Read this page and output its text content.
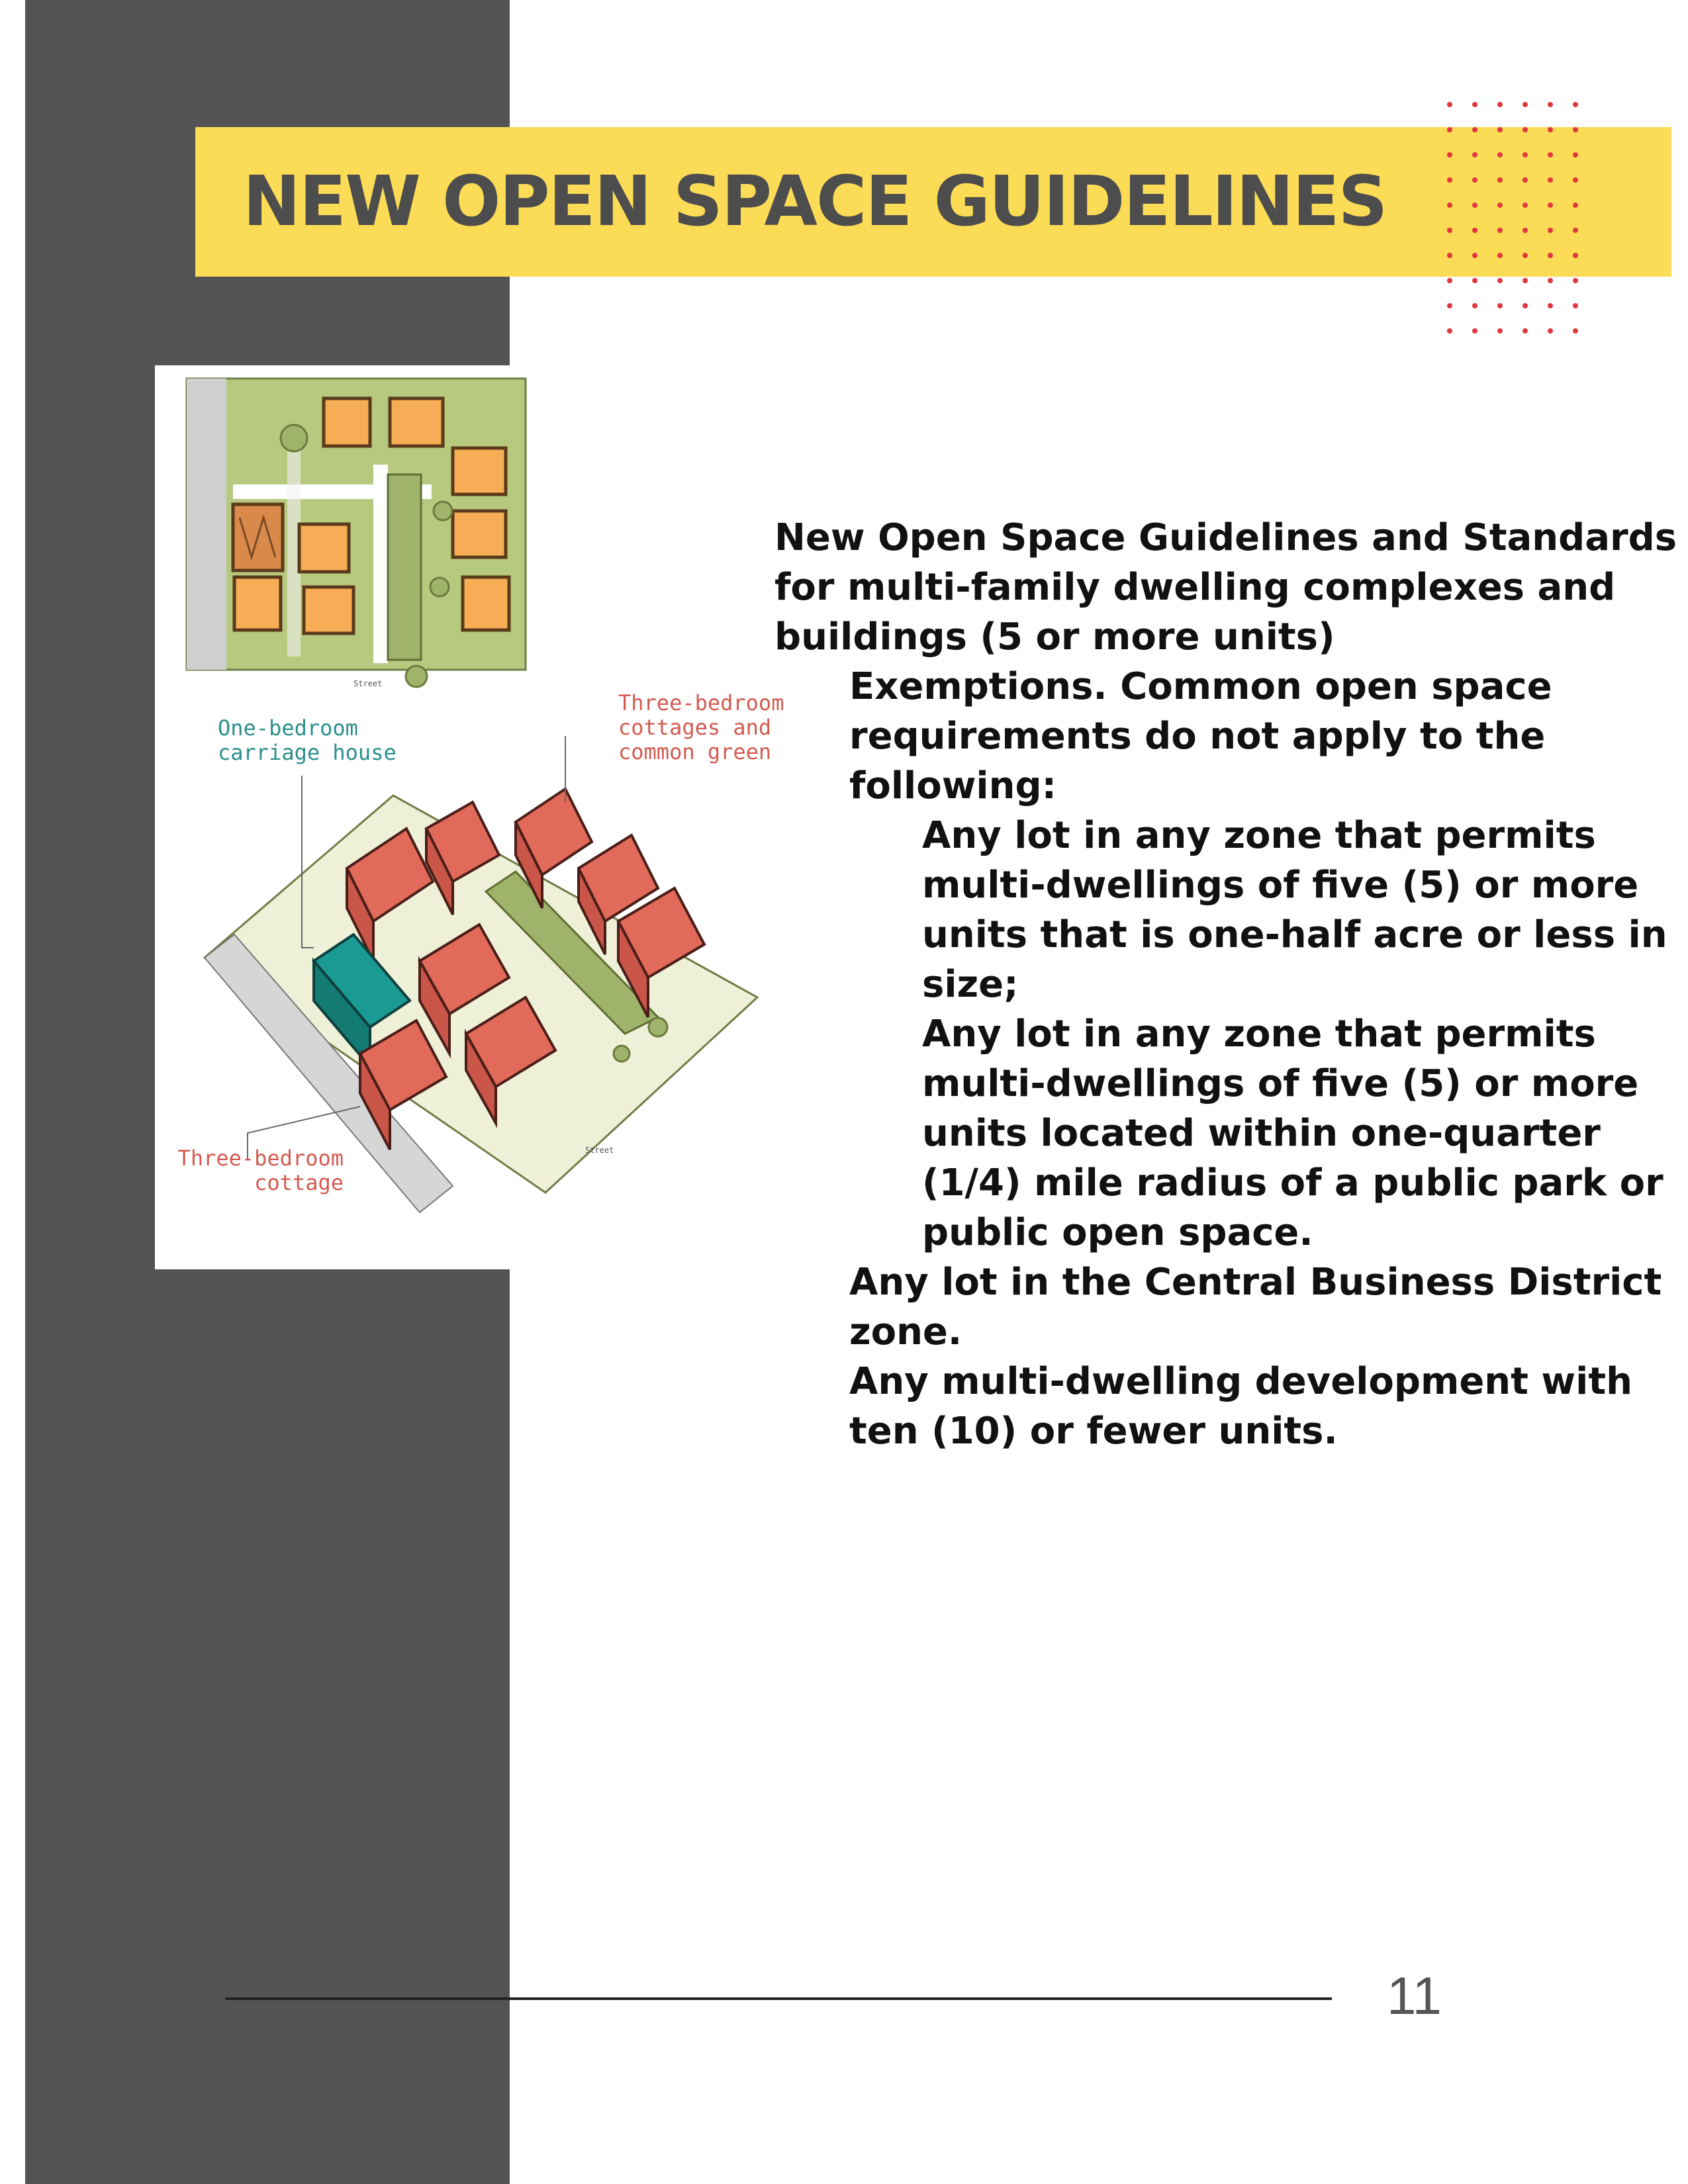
NEW OPEN SPACE GUIDELINES
Street
Street
One-bedroom
carriage house
Three-bedroom
cottages and
common green
Three-bedroom
cottage
New Open Space Guidelines and Standards
for multi-family dwelling complexes and
buildings (5 or more units)
Exemptions. Common open space
requirements do not apply to the
following:
Any lot in any zone that permits
multi-dwellings of five (5) or more
units that is one-half acre or less in
size;
Any lot in any zone that permits
multi-dwellings of five (5) or more
units located within one-quarter
(1/4) mile radius of a public park or
public open space.
Any lot in the Central Business District
zone.
Any multi-dwelling development with
ten (10) or fewer units.
11
